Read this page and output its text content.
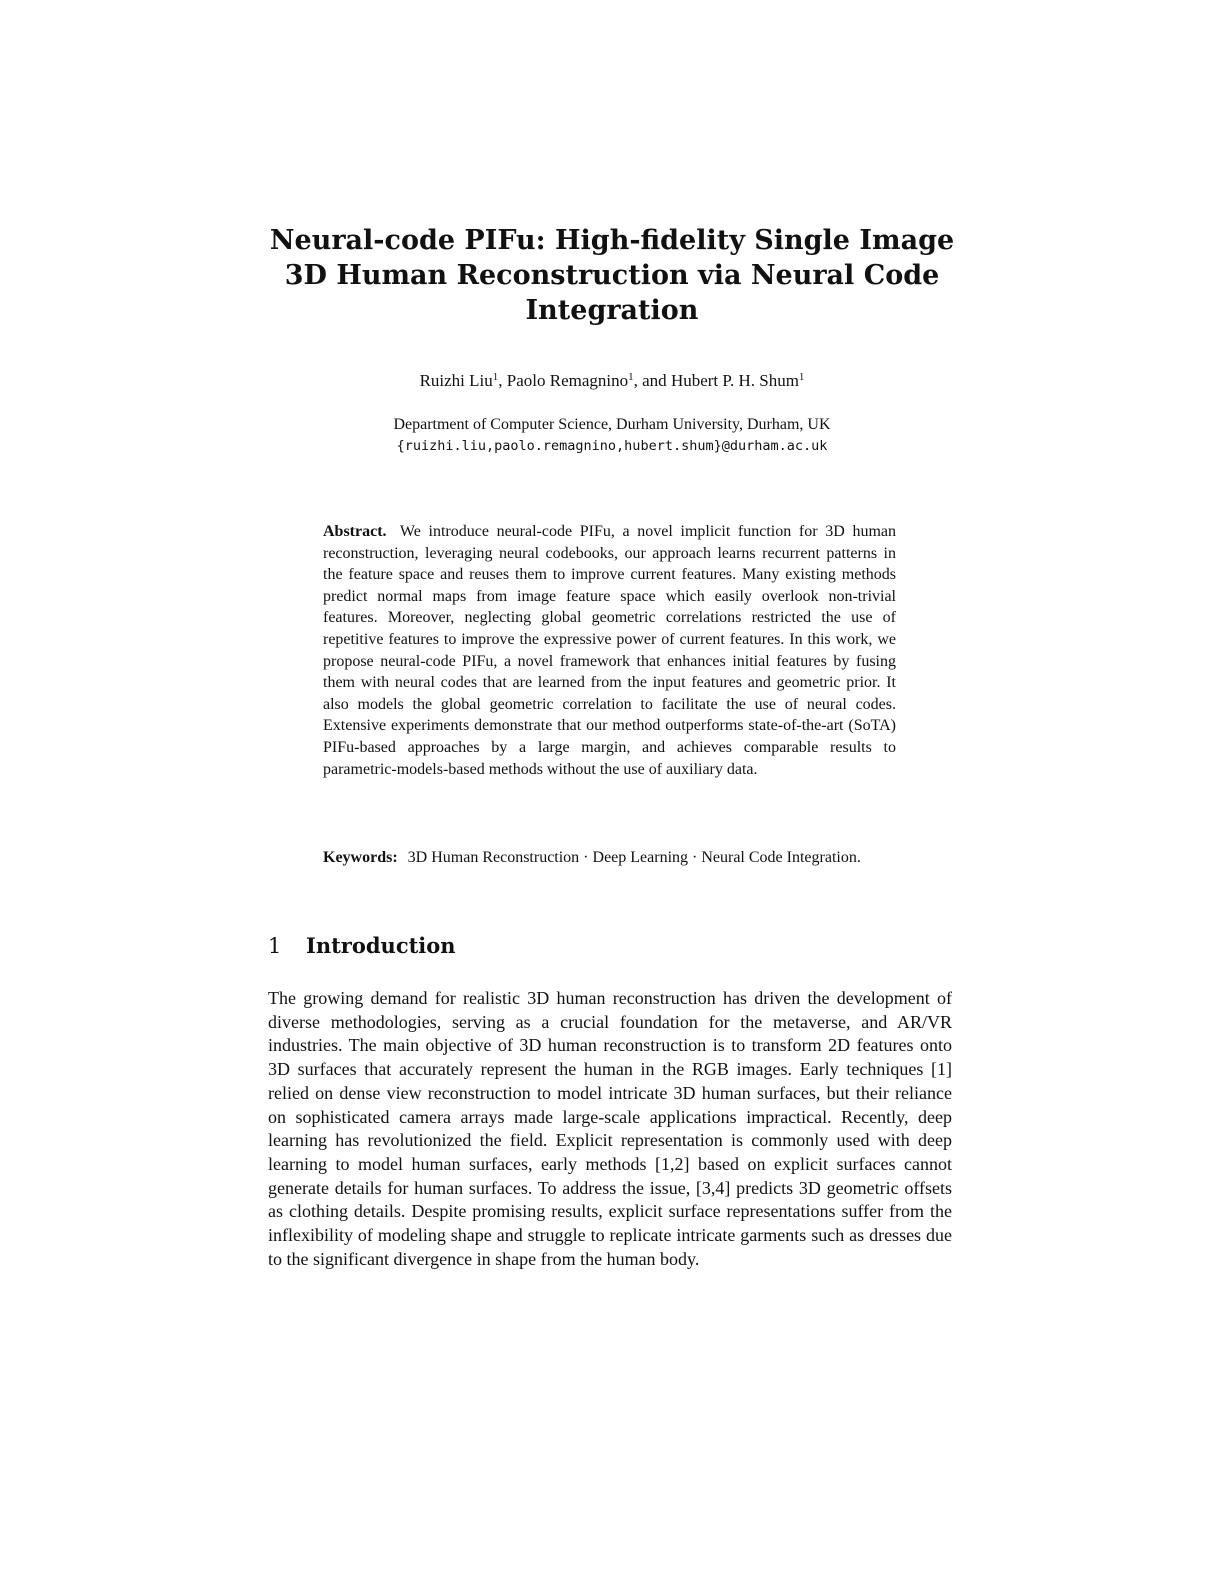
Neural-code PIFu: High-fidelity Single Image 3D Human Reconstruction via Neural Code Integration
Ruizhi Liu$^1$, Paolo Remagnino$^1$, and Hubert P. H. Shum$^1$
Department of Computer Science, Durham University, Durham, UK
{ruizhi.liu,paolo.remagnino,hubert.shum}@durham.ac.uk

Abstract. We introduce neural-code PIFu, a novel implicit function for 3D human reconstruction, leveraging neural codebooks, our approach learns recurrent patterns in the feature space and reuses them to improve current features. Many existing methods predict normal maps from image feature space which easily overlook non-trivial features. Moreover, neglecting global geometric correlations restricted the use of repetitive features to improve the expressive power of current features. In this work, we propose neural-code PIFu, a novel framework that enhances initial features by fusing them with neural codes that are learned from the input features and geometric prior. It also models the global geometric correlation to facilitate the use of neural codes. Extensive experiments demonstrate that our method outperforms state-of-the-art (SoTA) PIFu-based approaches by a large margin, and achieves comparable results to parametric-models-based methods without the use of auxiliary data.

Keywords: 3D Human Reconstruction · Deep Learning · Neural Code Integration.

1 Introduction

The growing demand for realistic 3D human reconstruction has driven the development of diverse methodologies, serving as a crucial foundation for the metaverse, and AR/VR industries. The main objective of 3D human reconstruction is to transform 2D features onto 3D surfaces that accurately represent the human in the RGB images. Early techniques [1] relied on dense view reconstruction to model intricate 3D human surfaces, but their reliance on sophisticated camera arrays made large-scale applications impractical. Recently, deep learning has revolutionized the field. Explicit representation is commonly used with deep learning to model human surfaces, early methods [1,2] based on explicit surfaces cannot generate details for human surfaces. To address the issue, [3,4] predicts 3D geometric offsets as clothing details. Despite promising results, explicit surface representations suffer from the inflexibility of modeling shape and struggle to replicate intricate garments such as dresses due to the significant divergence in shape from the human body.
